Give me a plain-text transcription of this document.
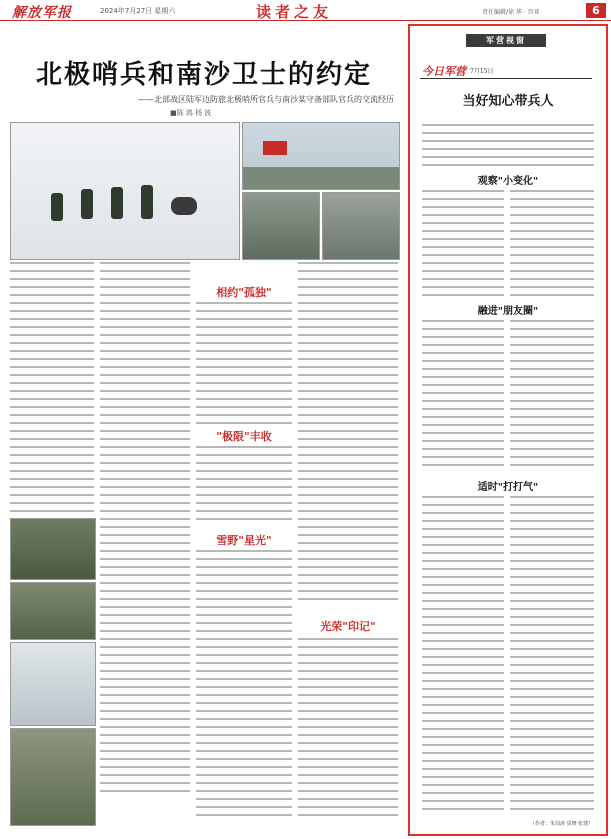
解放军报	2024年7月27日 星期六	读者之友	责任编辑/徐 华 · 宫亚	6
北极哨兵和南沙卫士的约定
——北部战区陆军边防旅北极哨所官兵与南沙某守备部队官兵的交流经历
■陈 鸿 杨 波
相约"孤独"
"极限"丰收
雪野"星光"
光荣"印记"
军营视窗
今日军营 7月15日
当好知心带兵人
观察"小变化"
融进"朋友圈"
适时"打打气"
（作者：朱周涛 周晓 张建）
